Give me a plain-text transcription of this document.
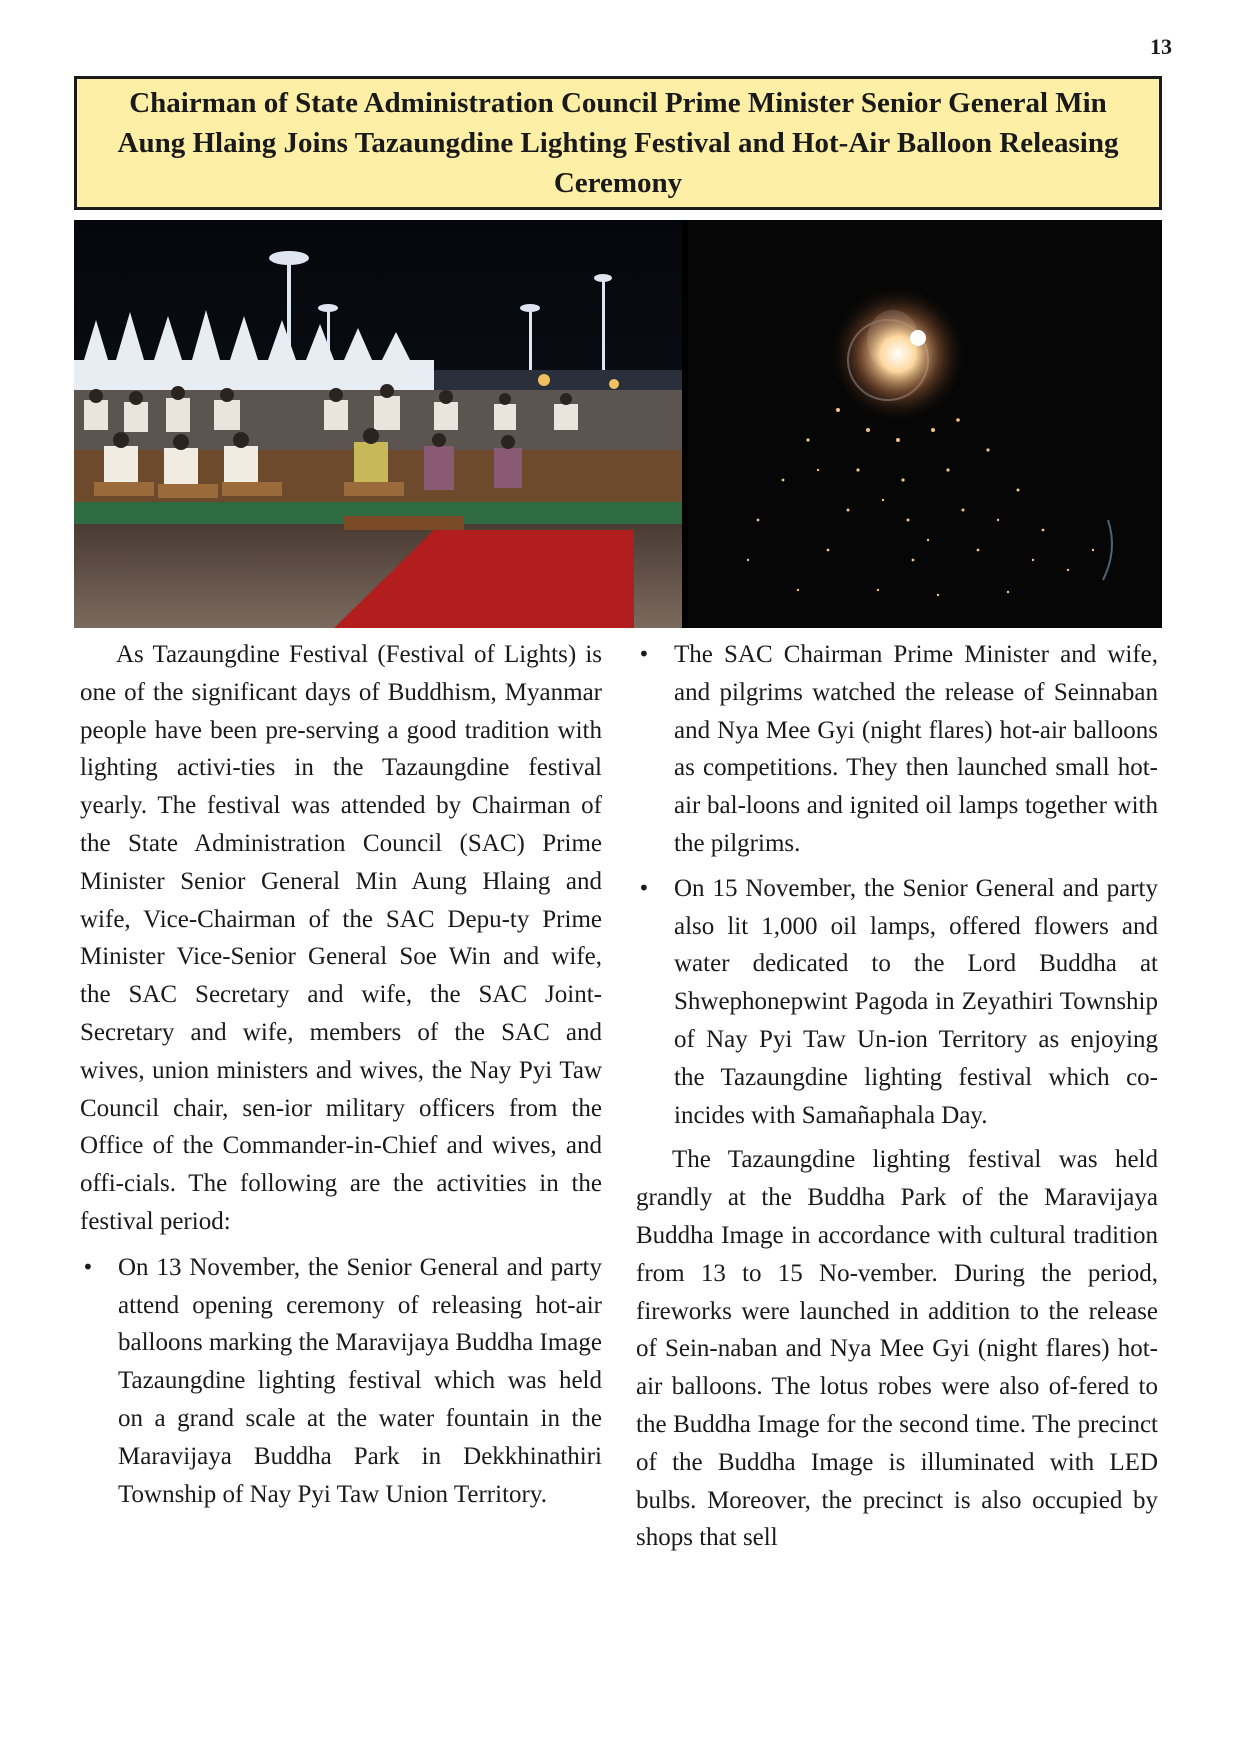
13
Chairman of State Administration Council Prime Minister Senior General Min Aung Hlaing Joins Tazaungdine Lighting Festival and Hot-Air Balloon Releasing Ceremony

As Tazaungdine Festival (Festival of Lights) is one of the significant days of Buddhism, Myanmar people have been pre-serving a good tradition with lighting activi-ties in the Tazaungdine festival yearly. The festival was attended by Chairman of the State Administration Council (SAC) Prime Minister Senior General Min Aung Hlaing and wife, Vice-Chairman of the SAC Depu-ty Prime Minister Vice-Senior General Soe Win and wife, the SAC Secretary and wife, the SAC Joint-Secretary and wife, members of the SAC and wives, union ministers and wives, the Nay Pyi Taw Council chair, sen-ior military officers from the Office of the Commander-in-Chief and wives, and offi-cials. The following are the activities in the festival period:

• On 13 November, the Senior General and party attend opening ceremony of releasing hot-air balloons marking the Maravijaya Buddha Image Tazaungdine lighting festival which was held on a grand scale at the water fountain in the Maravijaya Buddha Park in Dekkhinathiri Township of Nay Pyi Taw Union Territory.
• The SAC Chairman Prime Minister and wife, and pilgrims watched the release of Seinnaban and Nya Mee Gyi (night flares) hot-air balloons as competitions. They then launched small hot-air bal-loons and ignited oil lamps together with the pilgrims.
• On 15 November, the Senior General and party also lit 1,000 oil lamps, offered flowers and water dedicated to the Lord Buddha at Shwephonepwint Pagoda in Zeyathiri Township of Nay Pyi Taw Un-ion Territory as enjoying the Tazaungdine lighting festival which co-incides with Samañaphala Day.

The Tazaungdine lighting festival was held grandly at the Buddha Park of the Maravijaya Buddha Image in accordance with cultural tradition from 13 to 15 No-vember. During the period, fireworks were launched in addition to the release of Sein-naban and Nya Mee Gyi (night flares) hot-air balloons. The lotus robes were also of-fered to the Buddha Image for the second time. The precinct of the Buddha Image is illuminated with LED bulbs. Moreover, the precinct is also occupied by shops that sell
